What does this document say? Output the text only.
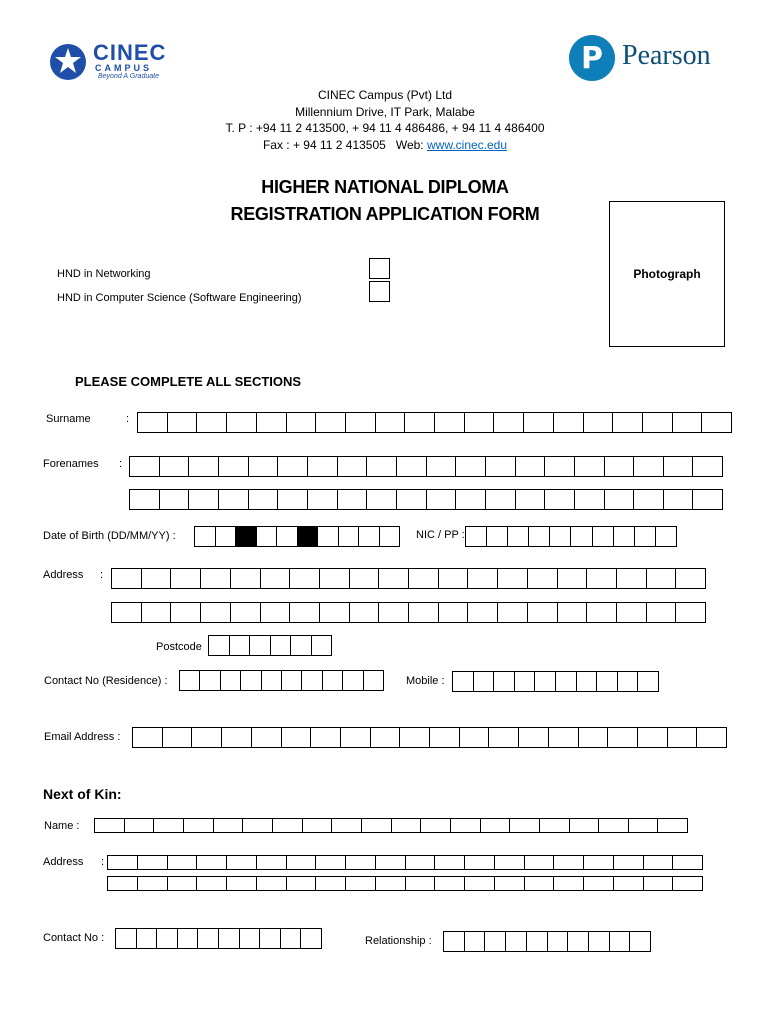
CINEC
CAMPUS
Beyond A Graduate
P Pearson
CINEC Campus (Pvt) Ltd
Millennium Drive, IT Park, Malabe
T. P : +94 11 2 413500, + 94 11 4 486486, + 94 11 4 486400
Fax : + 94 11 2 413505 Web: www.cinec.edu
HIGHER NATIONAL DIPLOMA
REGISTRATION APPLICATION FORM
Photograph
HND in Networking
HND in Computer Science (Software Engineering)
PLEASE COMPLETE ALL SECTIONS
Surname	:
Forenames :
Date of Birth (DD/MM/YY) :	NIC / PP :
Address :
Postcode
Contact No (Residence) :	Mobile :
Email Address :
Next of Kin:
Name :
Address :
Contact No :	Relationship :
